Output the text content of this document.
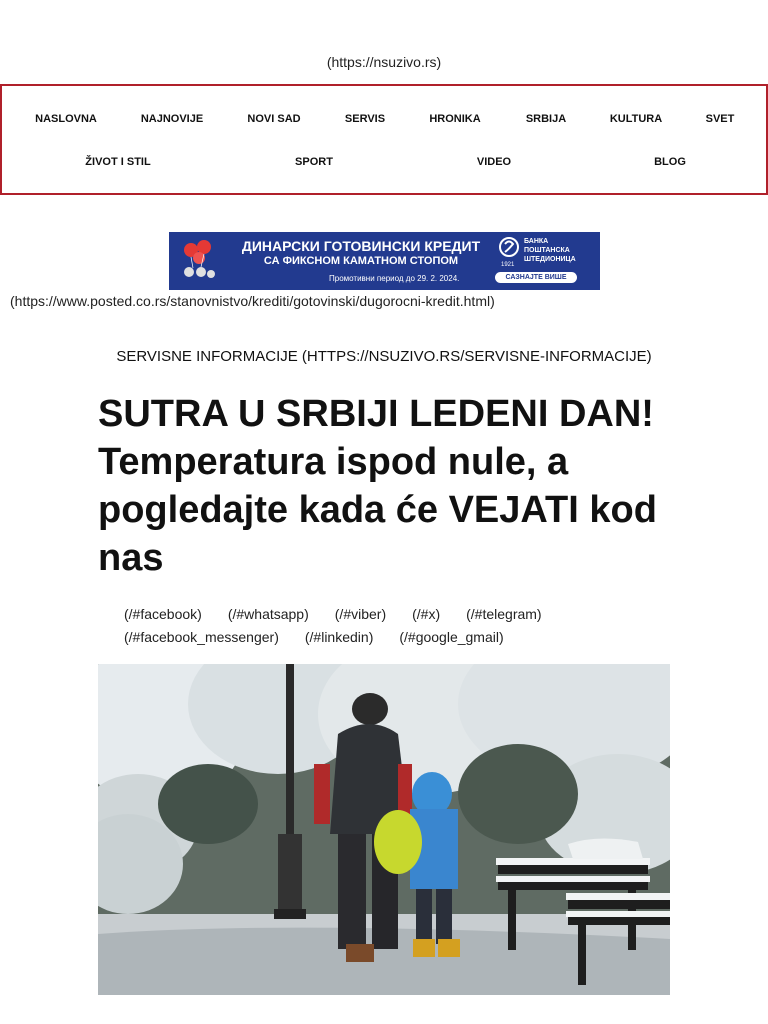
(https://nsuzivo.rs)
NASLOVNA	NAJNOVIJE	NOVI SAD	SERVIS	HRONIKA	SRBIJA	KULTURA	SVET
ŽIVOT I STIL	SPORT	VIDEO	BLOG
ДИНАРСКИ ГОТОВИНСКИ КРЕДИТ
СА ФИКСНОМ КАМАТНОМ СТОПОМ
Промотивни период до 29. 2. 2024.
БАНКА
ПОШТАНСКА
ШТЕДИОНИЦА
1921
САЗНАЈТЕ ВИШЕ
(https://www.posted.co.rs/stanovnistvo/krediti/gotovinski/dugorocni-kredit.html)
SERVISNE INFORMACIJE (HTTPS://NSUZIVO.RS/SERVISNE-INFORMACIJE)
SUTRA U SRBIJI LEDENI DAN! Temperatura ispod nule, a pogledajte kada će VEJATI kod nas
(/#facebook) (/#whatsapp) (/#viber) (/#x) (/#telegram)
(/#facebook_messenger) (/#linkedin) (/#google_gmail)
